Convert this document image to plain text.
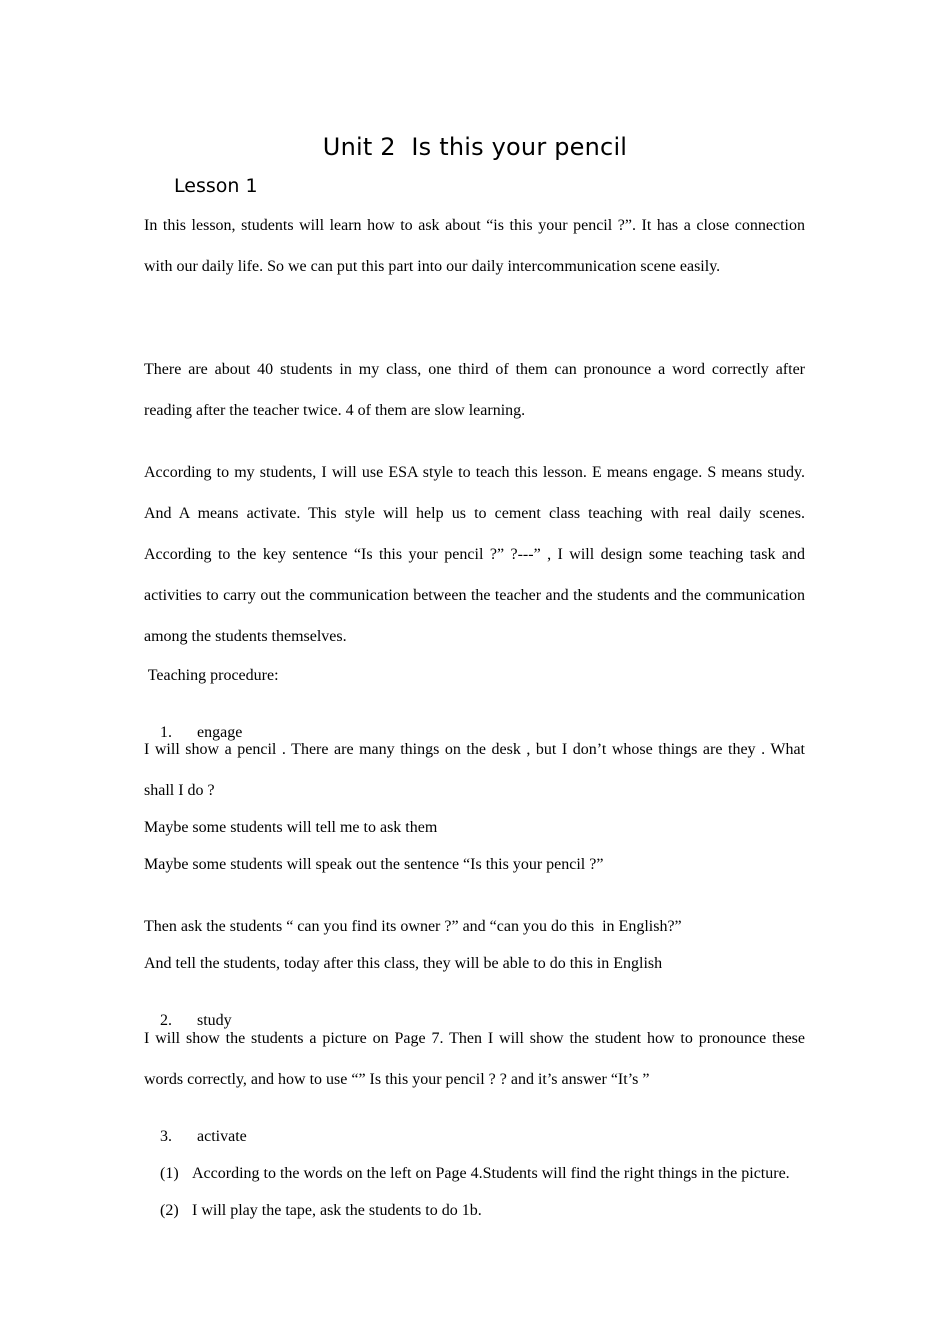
Unit 2  Is this your pencil
Lesson 1

In this lesson, students will learn how to ask about “is this your pencil ?”. It has a close connection with our daily life. So we can put this part into our daily intercommunication scene easily.

There are about 40 students in my class, one third of them can pronounce a word correctly after reading after the teacher twice. 4 of them are slow learning.

According to my students, I will use ESA style to teach this lesson. E means engage. S means study. And A means activate. This style will help us to cement class teaching with real daily scenes. According to the key sentence “Is this your pencil ?” ?---” , I will design some teaching task and activities to carry out the communication between the teacher and the students and the communication among the students themselves.

Teaching procedure:

1. engage

I will show a pencil . There are many things on the desk , but I don’t whose things are they . What shall I do ?

Maybe some students will tell me to ask them
Maybe some students will speak out the sentence “Is this your pencil ?”
Then ask the students “ can you find its owner ?” and “can you do this  in English?”
And tell the students, today after this class, they will be able to do this in English

2. study

I will show the students a picture on Page 7. Then I will show the student how to pronounce these words correctly, and how to use “” Is this your pencil ? ? and it’s answer “It’s ”

3. activate

(1) According to the words on the left on Page 4.Students will find the right things in the picture.

(2) I will play the tape, ask the students to do 1b.
